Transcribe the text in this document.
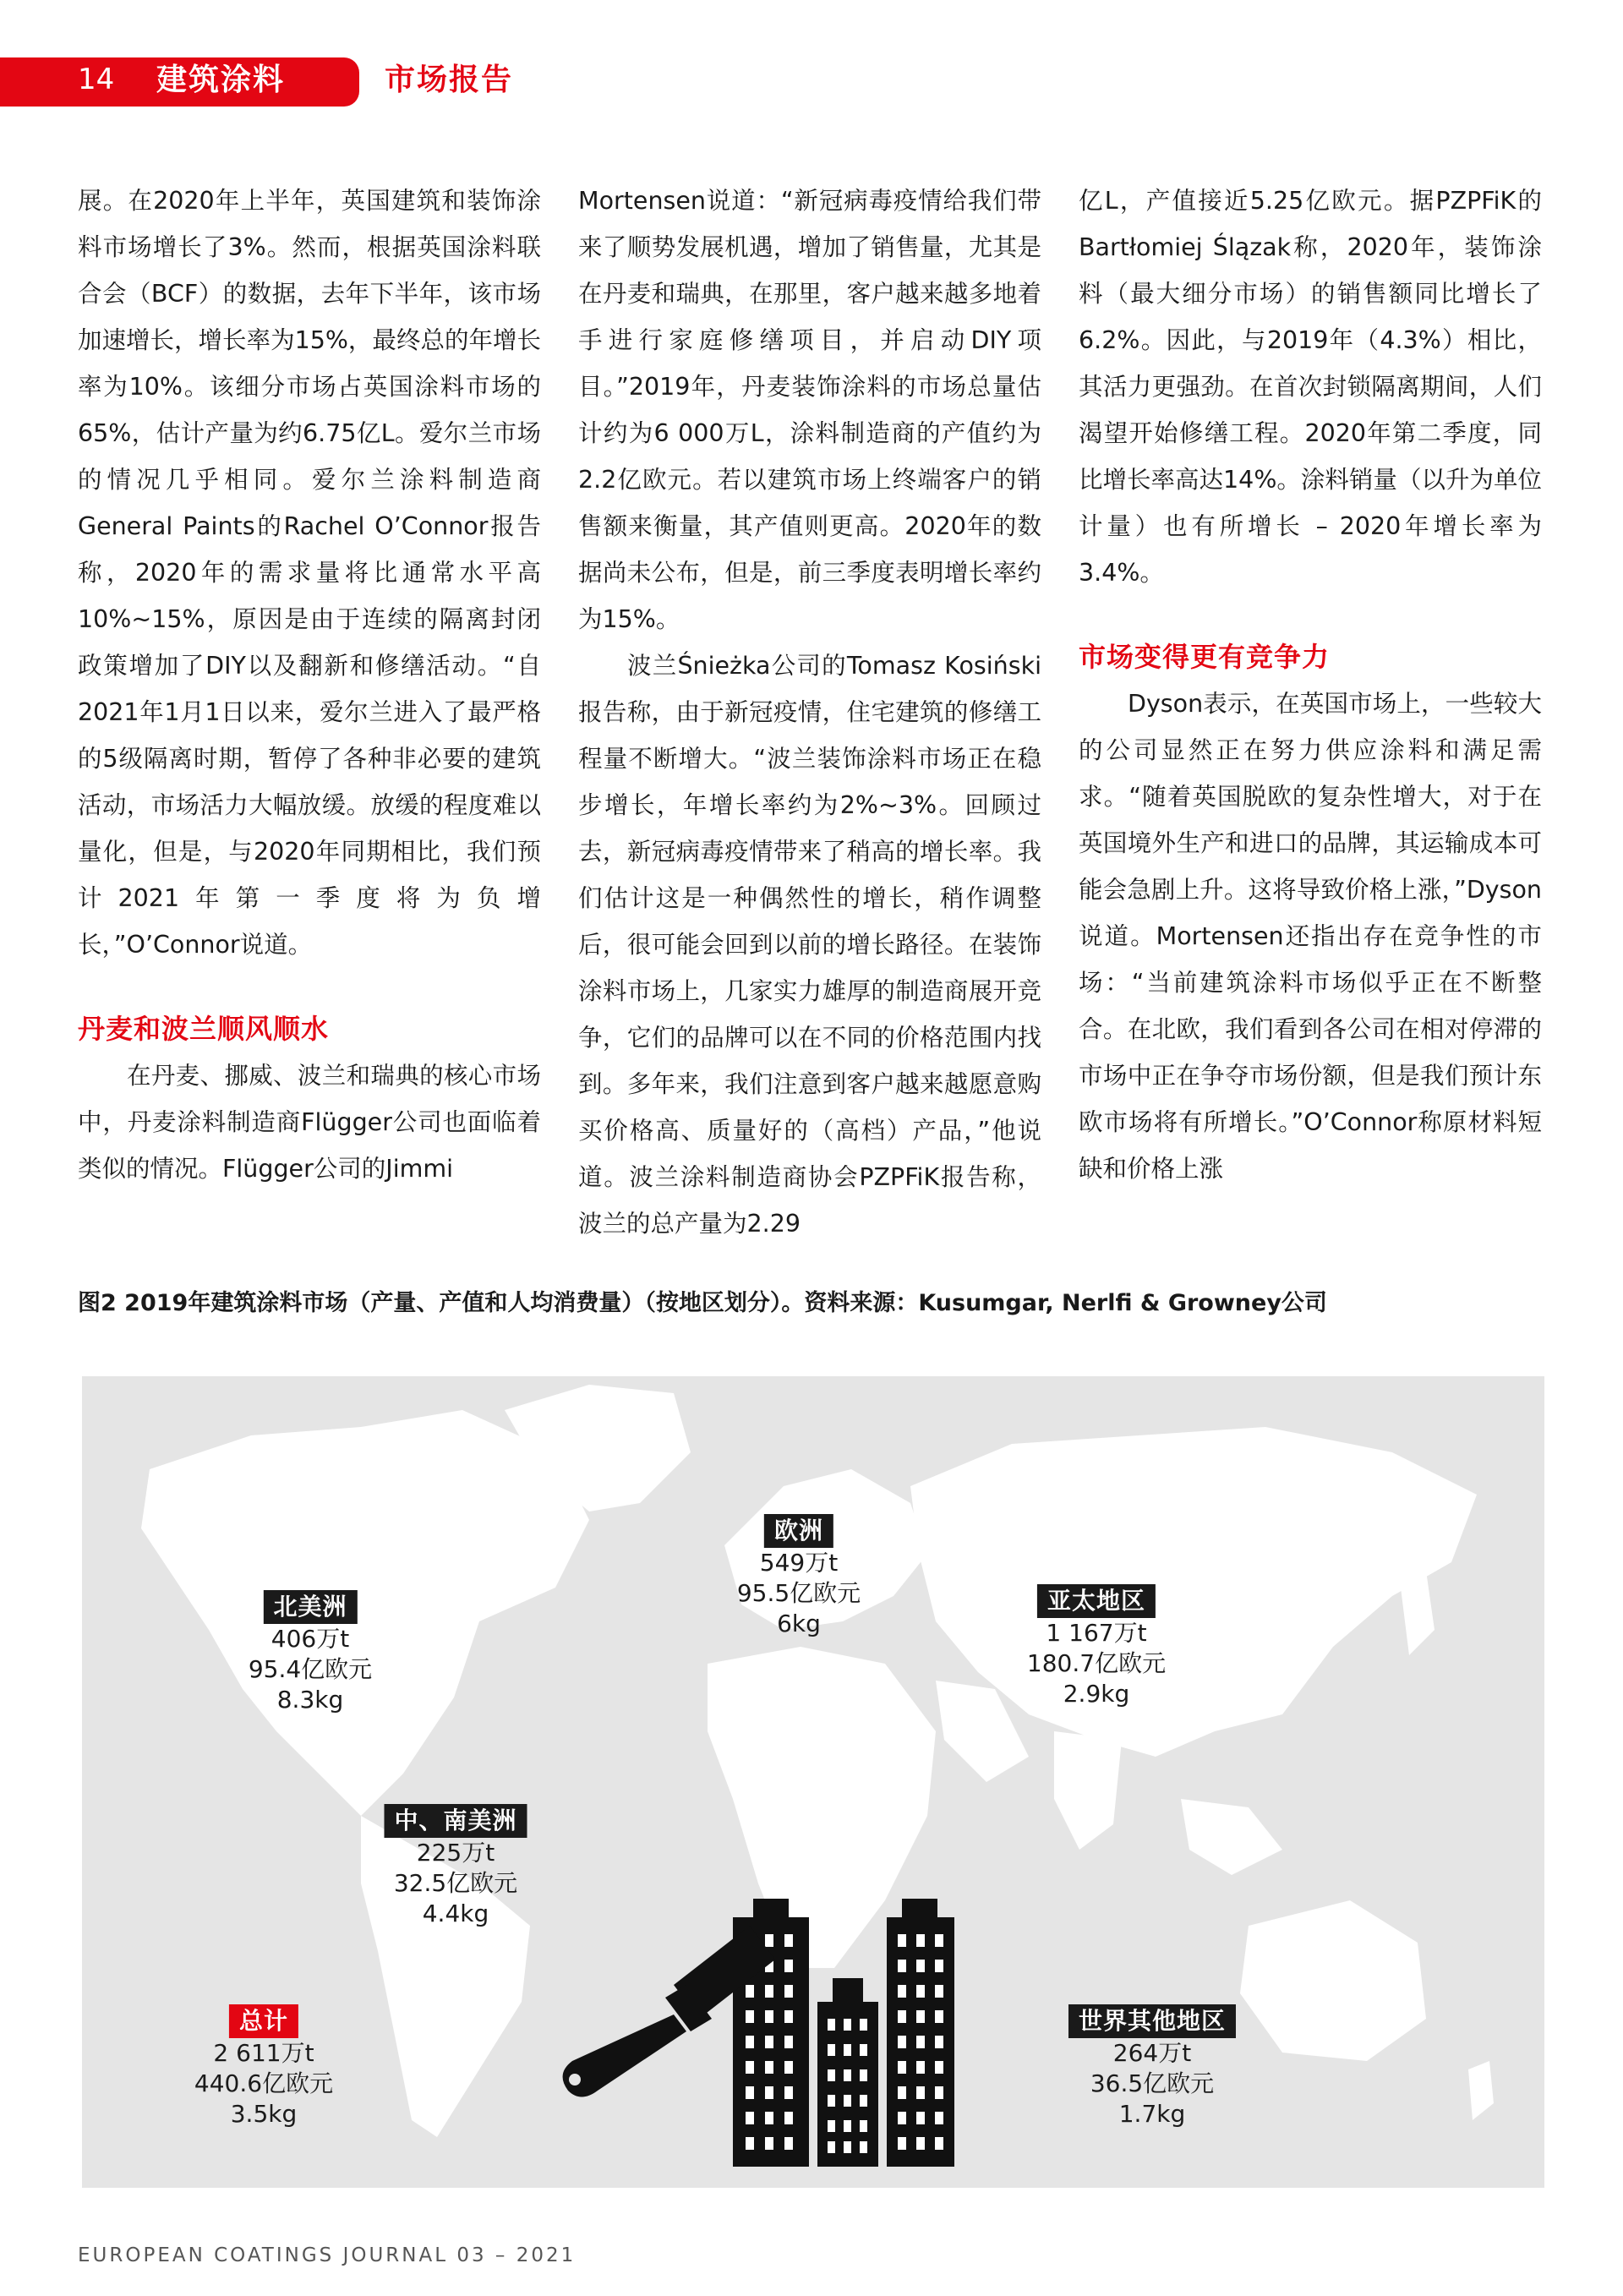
14 建筑涂料	市场报告

展。在2020年上半年，英国建筑和装饰涂料市场增长了3%。然而，根据英国涂料联合会（BCF）的数据，去年下半年，该市场加速增长，增长率为15%，最终总的年增长率为10%。该细分市场占英国涂料市场的65%，估计产量为约6.75亿L。爱尔兰市场的情况几乎相同。爱尔兰涂料制造商General Paints的Rachel O’Connor报告称，2020年的需求量将比通常水平高10%~15%，原因是由于连续的隔离封闭政策增加了DIY以及翻新和修缮活动。“自2021年1月1日以来，爱尔兰进入了最严格的5级隔离时期，暂停了各种非必要的建筑活动，市场活力大幅放缓。放缓的程度难以量化，但是，与2020年同期相比，我们预计2021年第一季度将为负增长，”O’Connor说道。

丹麦和波兰顺风顺水

在丹麦、挪威、波兰和瑞典的核心市场中，丹麦涂料制造商Flügger公司也面临着类似的情况。Flügger公司的Jimmi

Mortensen说道：“新冠病毒疫情给我们带来了顺势发展机遇，增加了销售量，尤其是在丹麦和瑞典，在那里，客户越来越多地着手进行家庭修缮项目，并启动DIY项目。”2019年，丹麦装饰涂料的市场总量估计约为6 000万L，涂料制造商的产值约为2.2亿欧元。若以建筑市场上终端客户的销售额来衡量，其产值则更高。2020年的数据尚未公布，但是，前三季度表明增长率约为15%。

波兰Śnieżka公司的Tomasz Kosiński报告称，由于新冠疫情，住宅建筑的修缮工程量不断增大。“波兰装饰涂料市场正在稳步增长，年增长率约为2%~3%。回顾过去，新冠病毒疫情带来了稍高的增长率。我们估计这是一种偶然性的增长，稍作调整后，很可能会回到以前的增长路径。在装饰涂料市场上，几家实力雄厚的制造商展开竞争，它们的品牌可以在不同的价格范围内找到。多年来，我们注意到客户越来越愿意购买价格高、质量好的（高档）产品，”他说道。波兰涂料制造商协会PZPFiK报告称，波兰的总产量为2.29

亿L，产值接近5.25亿欧元。据PZPFiK的Bartłomiej Ślązak称，2020年，装饰涂料（最大细分市场）的销售额同比增长了6.2%。因此，与2019年（4.3%）相比，其活力更强劲。在首次封锁隔离期间，人们渴望开始修缮工程。2020年第二季度，同比增长率高达14%。涂料销量（以升为单位计量）也有所增长 – 2020年增长率为3.4%。

市场变得更有竞争力

Dyson表示，在英国市场上，一些较大的公司显然正在努力供应涂料和满足需求。“随着英国脱欧的复杂性增大，对于在英国境外生产和进口的品牌，其运输成本可能会急剧上升。这将导致价格上涨，”Dyson说道。Mortensen还指出存在竞争性的市场：“当前建筑涂料市场似乎正在不断整合。在北欧，我们看到各公司在相对停滞的市场中正在争夺市场份额，但是我们预计东欧市场将有所增长。”O’Connor称原材料短缺和价格上涨

图2 2019年建筑涂料市场（产量、产值和人均消费量）（按地区划分）。资料来源：Kusumgar, Nerlfi & Growney公司
北美洲
406万t
95.4亿欧元
8.3kg
欧洲
549万t
95.5亿欧元
6kg
亚太地区
1 167万t
180.7亿欧元
2.9kg
中、南美洲
225万t
32.5亿欧元
4.4kg
总计
2 611万t
440.6亿欧元
3.5kg
世界其他地区
264万t
36.5亿欧元
1.7kg
EUROPEAN COATINGS JOURNAL 03 – 2021
